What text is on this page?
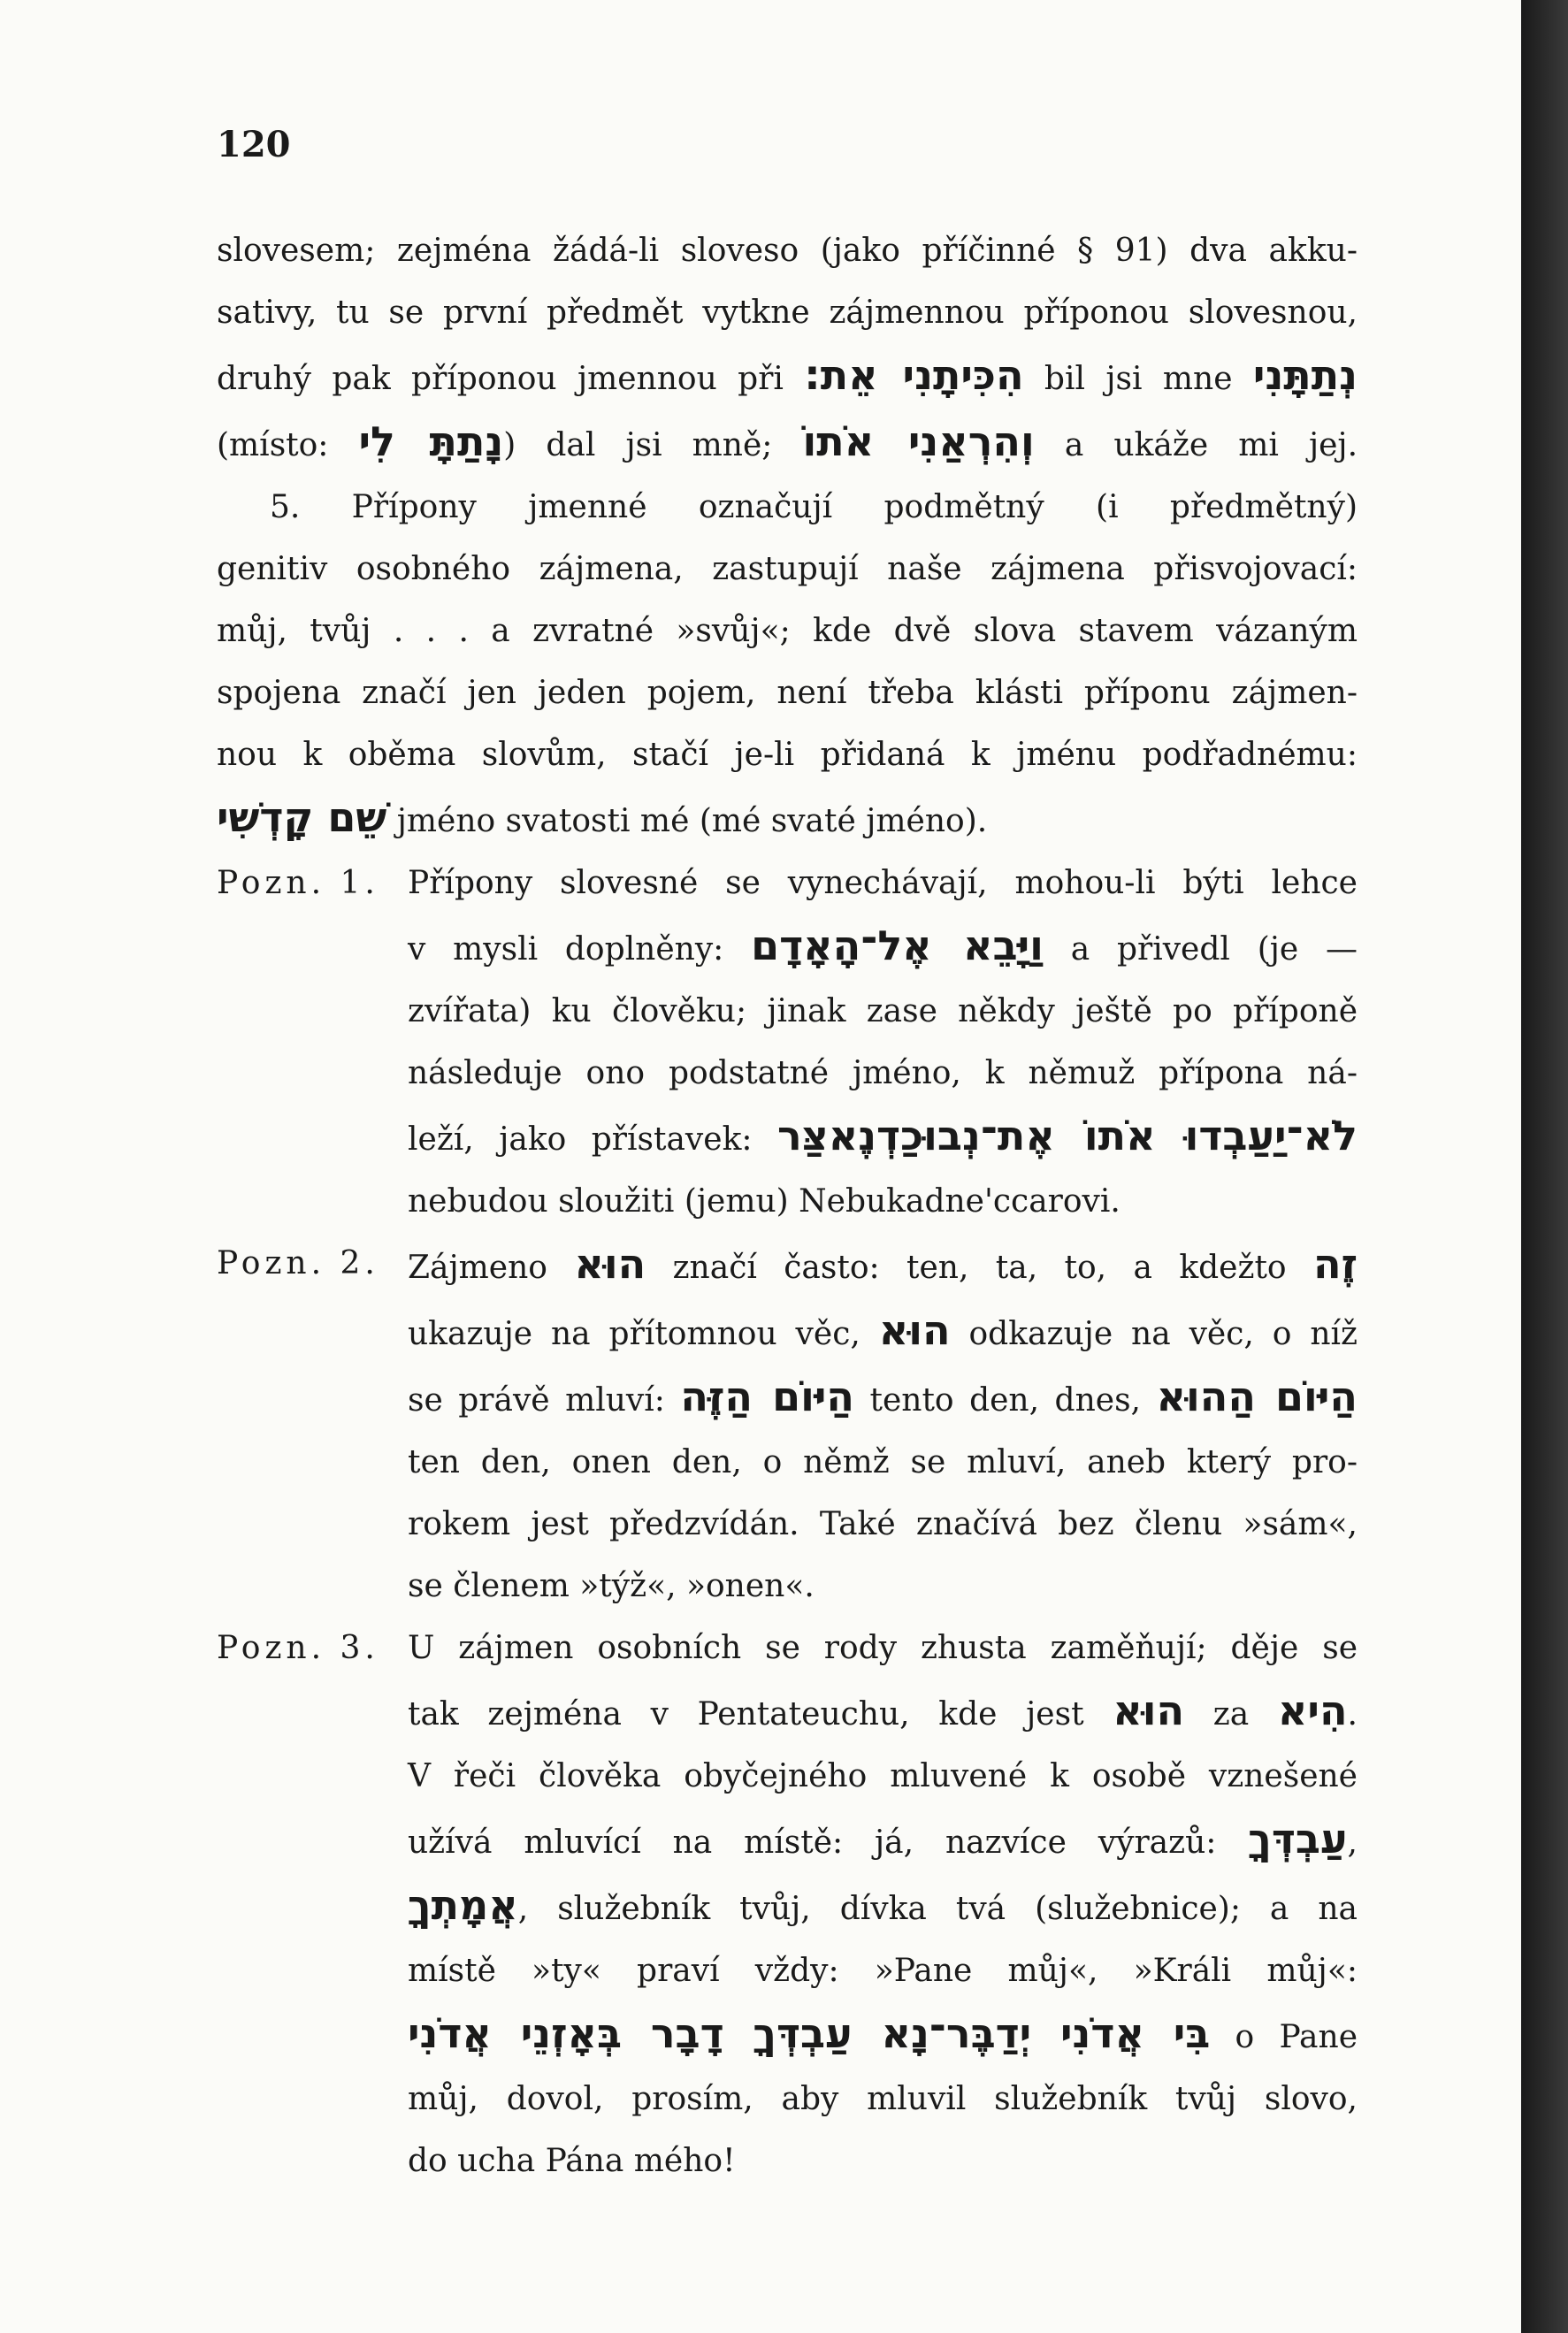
120
slovesem; zejména žádá-li sloveso (jako příčinné § 91) dva akku-
sativy, tu se první předmět vytkne zájmennou příponou slovesnou,
druhý pak příponou jmennou při הִכִּיתָנִי אֵת: bil jsi mne נְתַתָּנִי
(místo: נָתַתָּ לִי) dal jsi mně; וְהִרְאַנִי אֹתוֹ a ukáže mi jej.
5. Přípony jmenné označují podmětný (i předmětný)
genitiv osobného zájmena, zastupují naše zájmena přisvojovací:
můj, tvůj . . . a zvratné »svůj«; kde dvě slova stavem vázaným
spojena značí jen jeden pojem, není třeba klásti příponu zájmen-
nou k oběma slovům, stačí je-li přidaná k jménu podřadnému:
שֵׁם קָדְשִׁי jméno svatosti mé (mé svaté jméno).
Pozn. 1. Přípony slovesné se vynechávají, mohou-li býti lehce
v mysli doplněny: וַיָּבֵא אֶל־הָאָדָם a přivedl (je —
zvířata) ku člověku; jinak zase někdy ještě po příponě
následuje ono podstatné jméno, k němuž přípona ná-
leží, jako přístavek: לֹא־יַעַבְדוּ אֹתוֹ אֶת־נְבוּכַדְנֶאצַּר
nebudou sloužiti (jemu) Nebukadne'ccarovi.
Pozn. 2. Zájmeno הוּא značí často: ten, ta, to, a kdežto זֶה
ukazuje na přítomnou věc, הוּא odkazuje na věc, o níž
se právě mluví: הַיּוֹם הַזֶּה tento den, dnes, הַיּוֹם הַהוּא
ten den, onen den, o němž se mluví, aneb který pro-
rokem jest předzvídán. Také značívá bez členu »sám«,
se členem »týž«, »onen«.
Pozn. 3. U zájmen osobních se rody zhusta zaměňují; děje se
tak zejména v Pentateuchu, kde jest הוּא za הִיא.
V řeči člověka obyčejného mluvené k osobě vznešené
užívá mluvící na místě: já, nazvíce výrazů: עַבְדְּךָ,
אֲמָתְךָ, služebník tvůj, dívka tvá (služebnice); a na
místě »ty« praví vždy: »Pane můj«, »Králi můj«:
בִּי אֲדֹנִי יְדַבֶּר־נָא עַבְדְּךָ דָבָר בְּאָזְנֵי אֲדֹנִי o Pane
můj, dovol, prosím, aby mluvil služebník tvůj slovo,
do ucha Pána mého!
